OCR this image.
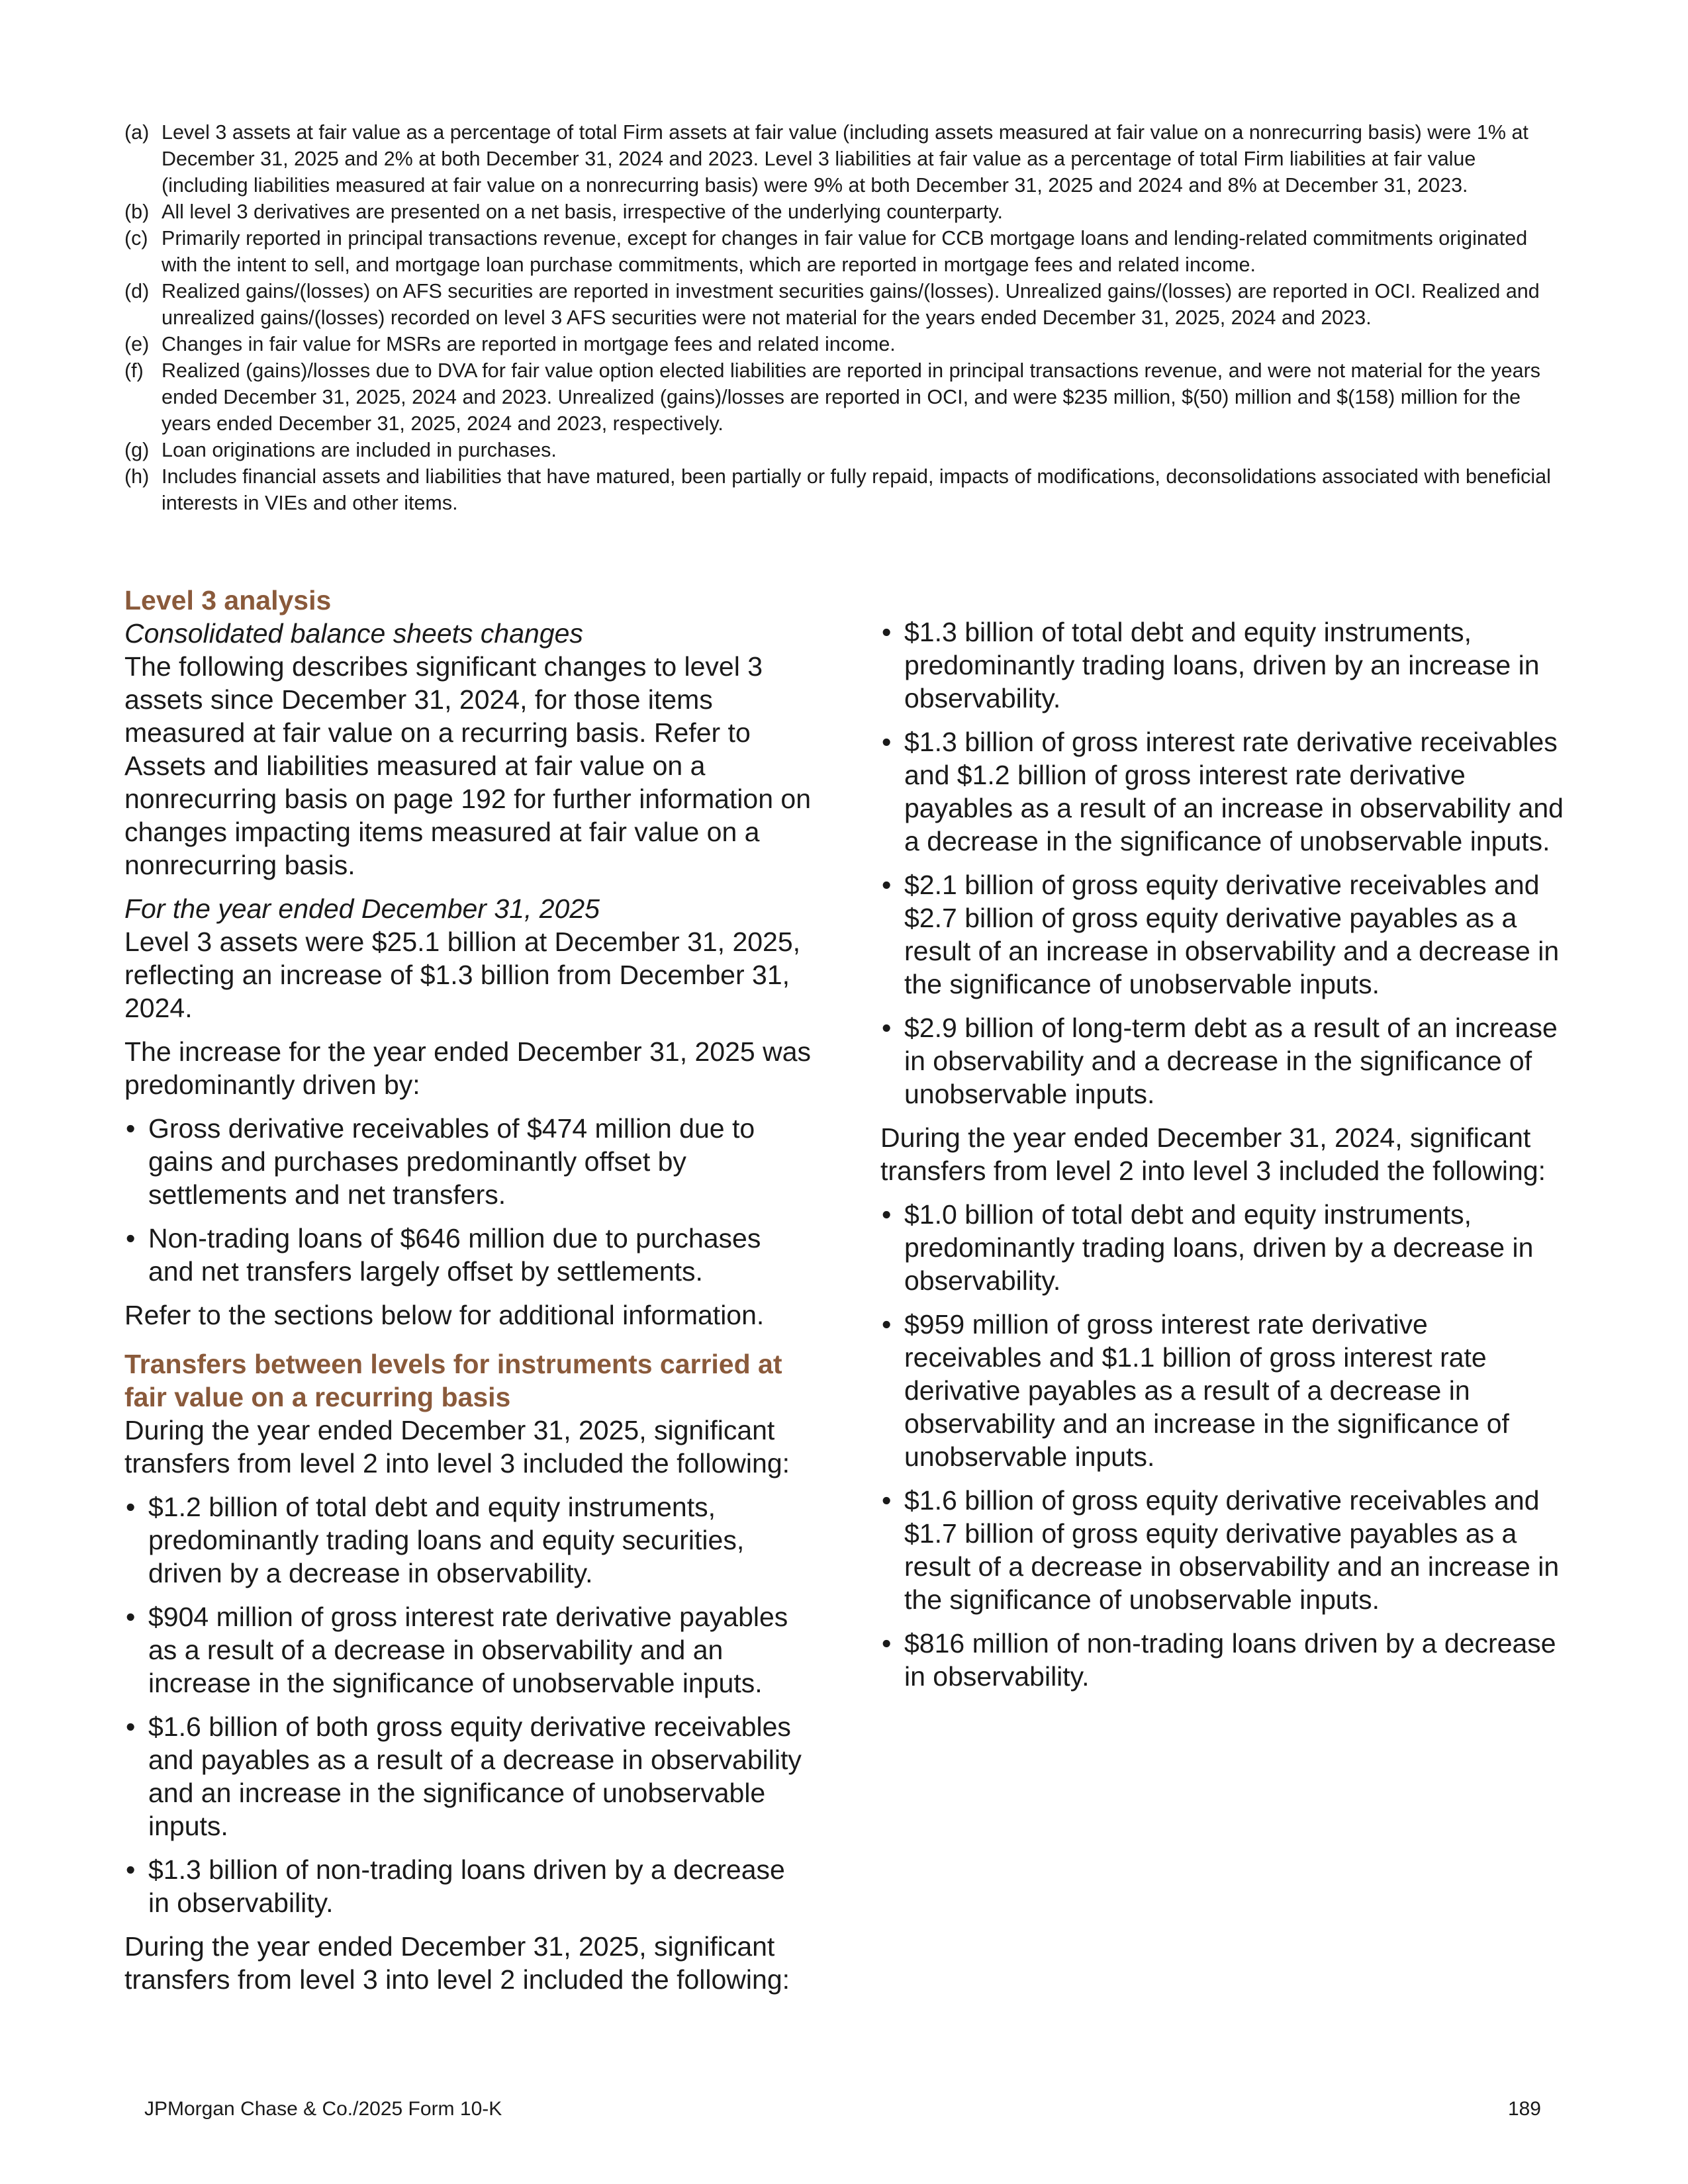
(a) Level 3 assets at fair value as a percentage of total Firm assets at fair value (including assets measured at fair value on a nonrecurring basis) were 1% at December 31, 2025 and 2% at both December 31, 2024 and 2023. Level 3 liabilities at fair value as a percentage of total Firm liabilities at fair value (including liabilities measured at fair value on a nonrecurring basis) were 9% at both December 31, 2025 and 2024 and 8% at December 31, 2023.
(b) All level 3 derivatives are presented on a net basis, irrespective of the underlying counterparty.
(c) Primarily reported in principal transactions revenue, except for changes in fair value for CCB mortgage loans and lending-related commitments originated with the intent to sell, and mortgage loan purchase commitments, which are reported in mortgage fees and related income.
(d) Realized gains/(losses) on AFS securities are reported in investment securities gains/(losses). Unrealized gains/(losses) are reported in OCI. Realized and unrealized gains/(losses) recorded on level 3 AFS securities were not material for the years ended December 31, 2025, 2024 and 2023.
(e) Changes in fair value for MSRs are reported in mortgage fees and related income.
(f) Realized (gains)/losses due to DVA for fair value option elected liabilities are reported in principal transactions revenue, and were not material for the years ended December 31, 2025, 2024 and 2023. Unrealized (gains)/losses are reported in OCI, and were $235 million, $(50) million and $(158) million for the years ended December 31, 2025, 2024 and 2023, respectively.
(g) Loan originations are included in purchases.
(h) Includes financial assets and liabilities that have matured, been partially or fully repaid, impacts of modifications, deconsolidations associated with beneficial interests in VIEs and other items.
Level 3 analysis
Consolidated balance sheets changes

The following describes significant changes to level 3 assets since December 31, 2024, for those items measured at fair value on a recurring basis. Refer to Assets and liabilities measured at fair value on a nonrecurring basis on page 192 for further information on changes impacting items measured at fair value on a nonrecurring basis.

For the year ended December 31, 2025

Level 3 assets were $25.1 billion at December 31, 2025, reflecting an increase of $1.3 billion from December 31, 2024.

The increase for the year ended December 31, 2025 was predominantly driven by:

• Gross derivative receivables of $474 million due to gains and purchases predominantly offset by settlements and net transfers.
• Non-trading loans of $646 million due to purchases and net transfers largely offset by settlements.

Refer to the sections below for additional information.

Transfers between levels for instruments carried at fair value on a recurring basis

During the year ended December 31, 2025, significant transfers from level 2 into level 3 included the following:

• $1.2 billion of total debt and equity instruments, predominantly trading loans and equity securities, driven by a decrease in observability.
• $904 million of gross interest rate derivative payables as a result of a decrease in observability and an increase in the significance of unobservable inputs.
• $1.6 billion of both gross equity derivative receivables and payables as a result of a decrease in observability and an increase in the significance of unobservable inputs.
• $1.3 billion of non-trading loans driven by a decrease in observability.

During the year ended December 31, 2025, significant transfers from level 3 into level 2 included the following:

• $1.3 billion of total debt and equity instruments, predominantly trading loans, driven by an increase in observability.
• $1.3 billion of gross interest rate derivative receivables and $1.2 billion of gross interest rate derivative payables as a result of an increase in observability and a decrease in the significance of unobservable inputs.
• $2.1 billion of gross equity derivative receivables and $2.7 billion of gross equity derivative payables as a result of an increase in observability and a decrease in the significance of unobservable inputs.
• $2.9 billion of long-term debt as a result of an increase in observability and a decrease in the significance of unobservable inputs.

During the year ended December 31, 2024, significant transfers from level 2 into level 3 included the following:

• $1.0 billion of total debt and equity instruments, predominantly trading loans, driven by a decrease in observability.
• $959 million of gross interest rate derivative receivables and $1.1 billion of gross interest rate derivative payables as a result of a decrease in observability and an increase in the significance of unobservable inputs.
• $1.6 billion of gross equity derivative receivables and $1.7 billion of gross equity derivative payables as a result of a decrease in observability and an increase in the significance of unobservable inputs.
• $816 million of non-trading loans driven by a decrease in observability.
JPMorgan Chase & Co./2025 Form 10-K	189
